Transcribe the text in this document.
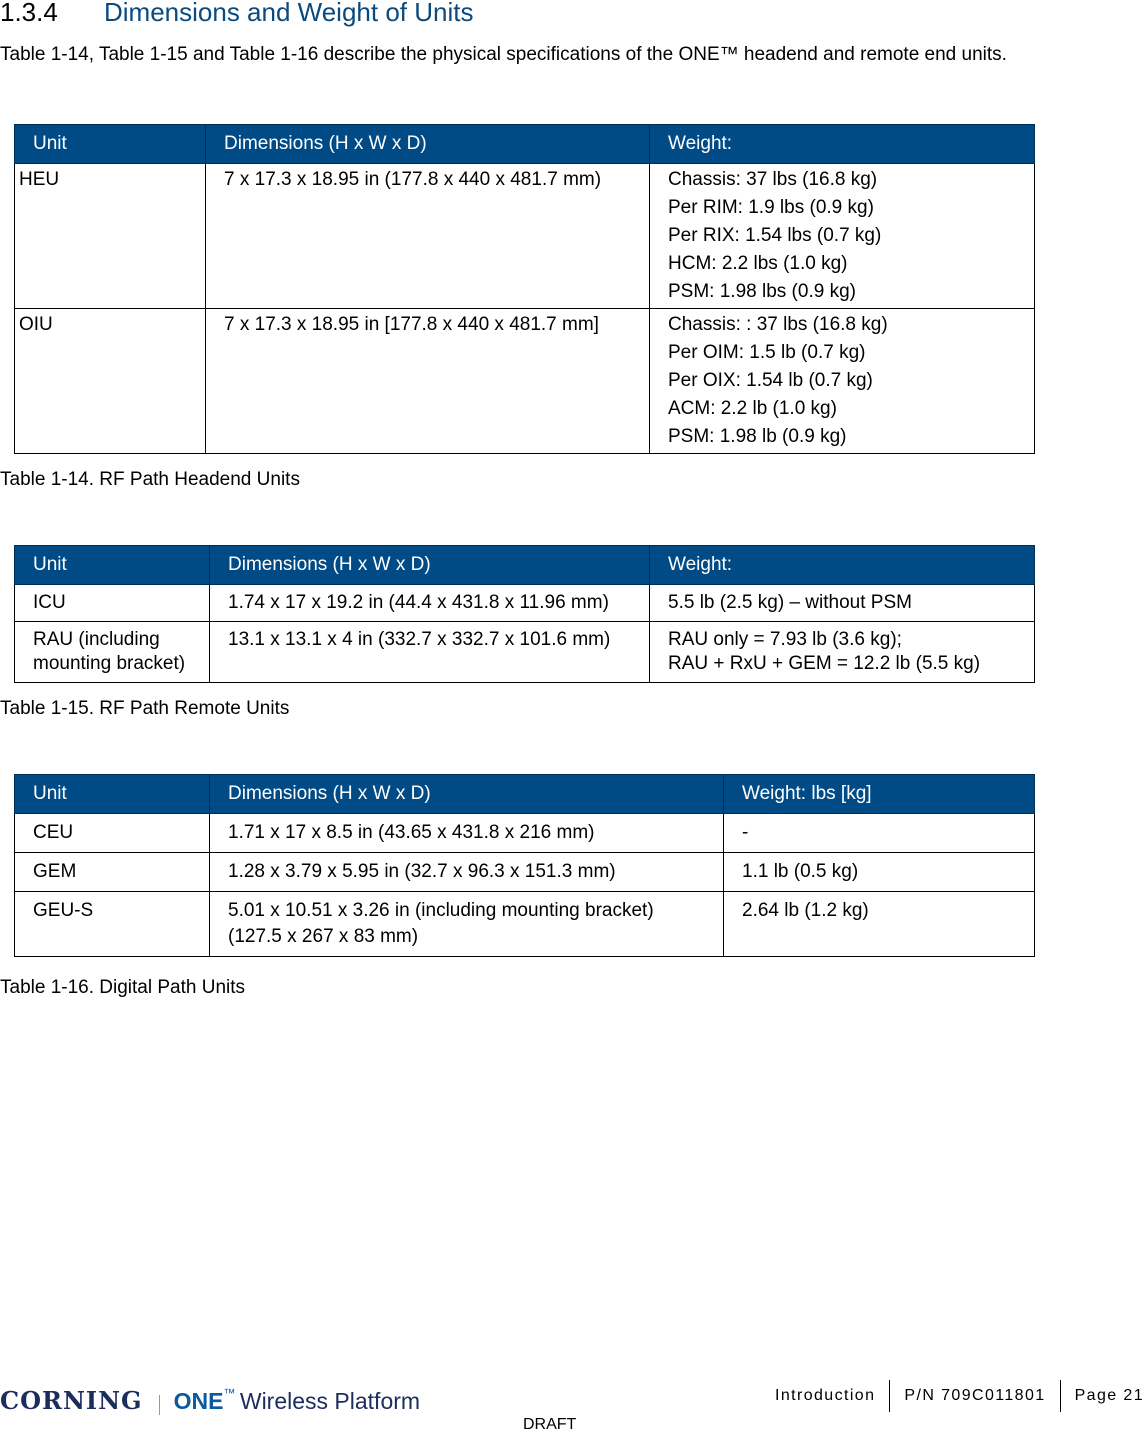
1.3.4 Dimensions and Weight of Units
Table 1-14, Table 1-15 and Table 1-16 describe the physical specifications of the ONE™ headend and remote end units.
Unit	Dimensions (H x W x D)	Weight:

HEU	7 x 17.3 x 18.95 in (177.8 x 440 x 481.7 mm)	Chassis: 37 lbs (16.8 kg)
Per RIM: 1.9 lbs (0.9 kg)
Per RIX: 1.54 lbs (0.7 kg)
HCM: 2.2 lbs (1.0 kg)
PSM: 1.98 lbs (0.9 kg)

OIU	7 x 17.3 x 18.95 in [177.8 x 440 x 481.7 mm]	Chassis: : 37 lbs (16.8 kg)
Per OIM: 1.5 lb (0.7 kg)
Per OIX: 1.54 lb (0.7 kg)
ACM: 2.2 lb (1.0 kg)
PSM: 1.98 lb (0.9 kg)
Table 1-14. RF Path Headend Units
Unit	Dimensions (H x W x D)	Weight:

ICU	1.74 x 17 x 19.2 in (44.4 x 431.8 x 11.96 mm)	5.5 lb (2.5 kg) – without PSM

RAU (including
mounting bracket)	13.1 x 13.1 x 4 in (332.7 x 332.7 x 101.6 mm)	RAU only = 7.93 lb (3.6 kg);
RAU + RxU + GEM = 12.2 lb (5.5 kg)
Table 1-15. RF Path Remote Units
Unit	Dimensions (H x W x D)	Weight: lbs [kg]

CEU	1.71 x 17 x 8.5 in (43.65 x 431.8 x 216 mm)	-

GEM	1.28 x 3.79 x 5.95 in (32.7 x 96.3 x 151.3 mm)	1.1 lb (0.5 kg)

GEU-S	5.01 x 10.51 x 3.26 in (including mounting bracket)
(127.5 x 267 x 83 mm)	2.64 lb (1.2 kg)
Table 1-16. Digital Path Units
CORNING ONE™ Wireless Platform	Introduction	P/N 709C011801	Page 21
DRAFT
